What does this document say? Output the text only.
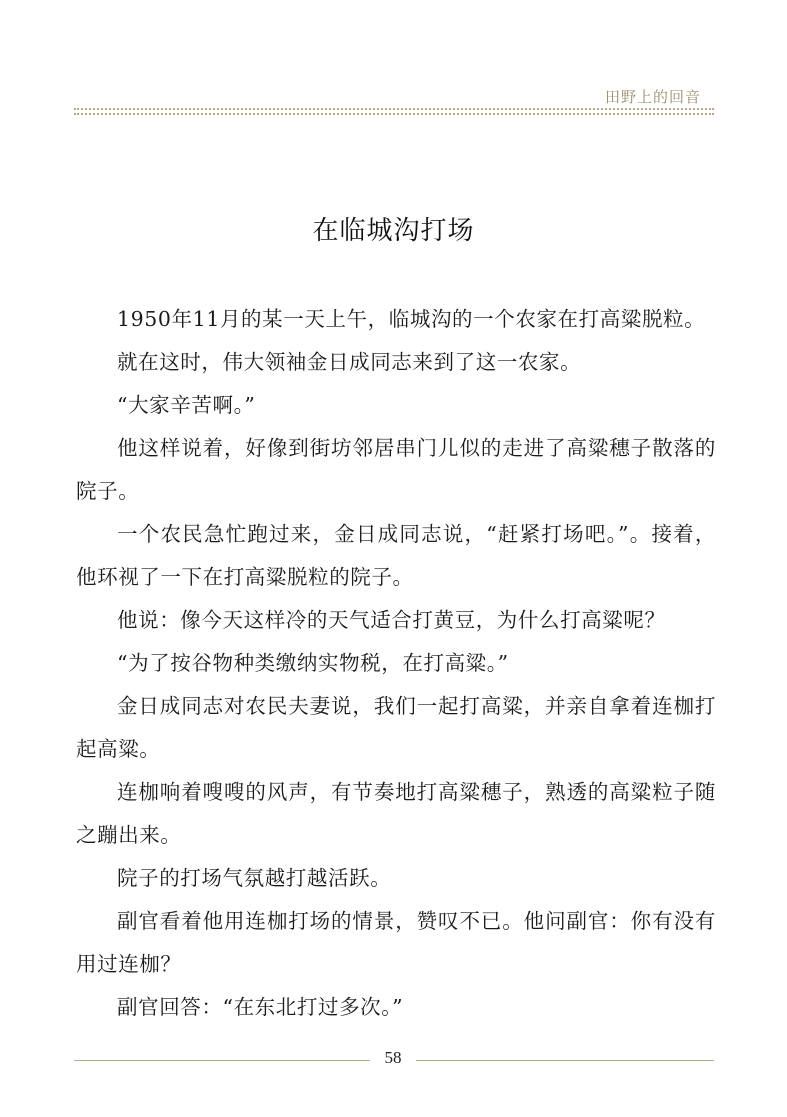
田野上的回音
在临城沟打场

1950年11月的某一天上午，临城沟的一个农家在打高粱脱粒。

就在这时，伟大领袖金日成同志来到了这一农家。

“大家辛苦啊。”

他这样说着，好像到街坊邻居串门儿似的走进了高粱穗子散落的院子。

一个农民急忙跑过来，金日成同志说，“赶紧打场吧。”。接着，他环视了一下在打高粱脱粒的院子。

他说：像今天这样冷的天气适合打黄豆，为什么打高粱呢？

“为了按谷物种类缴纳实物税，在打高粱。”

金日成同志对农民夫妻说，我们一起打高粱，并亲自拿着连枷打起高粱。

连枷响着嗖嗖的风声，有节奏地打高粱穗子，熟透的高粱粒子随之蹦出来。

院子的打场气氛越打越活跃。

副官看着他用连枷打场的情景，赞叹不已。他问副官：你有没有用过连枷？

副官回答：“在东北打过多次。”

58
